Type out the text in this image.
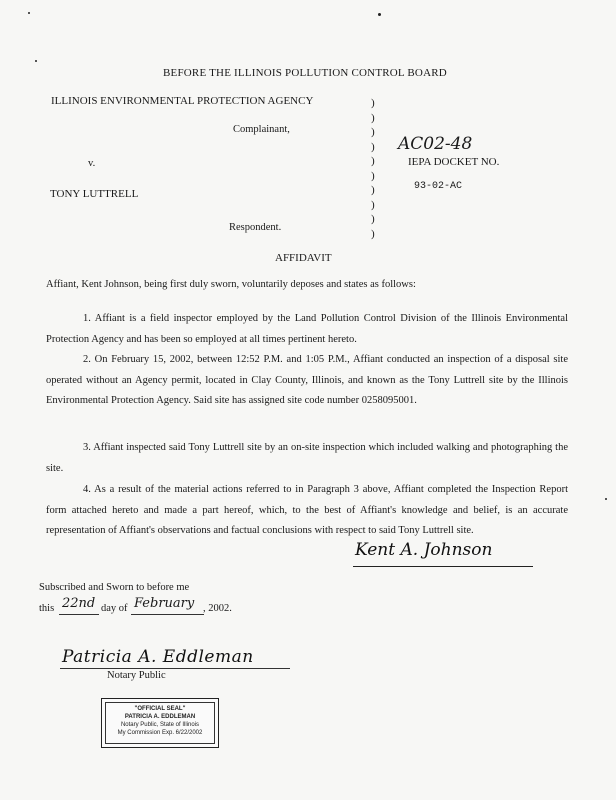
BEFORE THE ILLINOIS POLLUTION CONTROL BOARD
ILLINOIS ENVIRONMENTAL PROTECTION AGENCY
Complainant,
v.
TONY LUTTRELL
Respondent.
)
)
)
)
)
)
)
)
)
)
AC02-48
IEPA DOCKET NO.
93-02-AC
AFFIDAVIT
Affiant, Kent Johnson, being first duly sworn, voluntarily deposes and states as follows:
1. Affiant is a field inspector employed by the Land Pollution Control Division of the Illinois Environmental Protection Agency and has been so employed at all times pertinent hereto.
2. On February 15, 2002, between 12:52 P.M. and 1:05 P.M., Affiant conducted an inspection of a disposal site operated without an Agency permit, located in Clay County, Illinois, and known as the Tony Luttrell site by the Illinois Environmental Protection Agency. Said site has assigned site code number 0258095001.
3. Affiant inspected said Tony Luttrell site by an on-site inspection which included walking and photographing the site.
4. As a result of the material actions referred to in Paragraph 3 above, Affiant completed the Inspection Report form attached hereto and made a part hereof, which, to the best of Affiant's knowledge and belief, is an accurate representation of Affiant's observations and factual conclusions with respect to said Tony Luttrell site.
Kent A. Johnson
Subscribed and Sworn to before me
this 22nd day of February , 2002.
Patricia A. Eddleman
Notary Public
"OFFICIAL SEAL"
PATRICIA A. EDDLEMAN
Notary Public, State of Illinois
My Commission Exp. 6/22/2002
